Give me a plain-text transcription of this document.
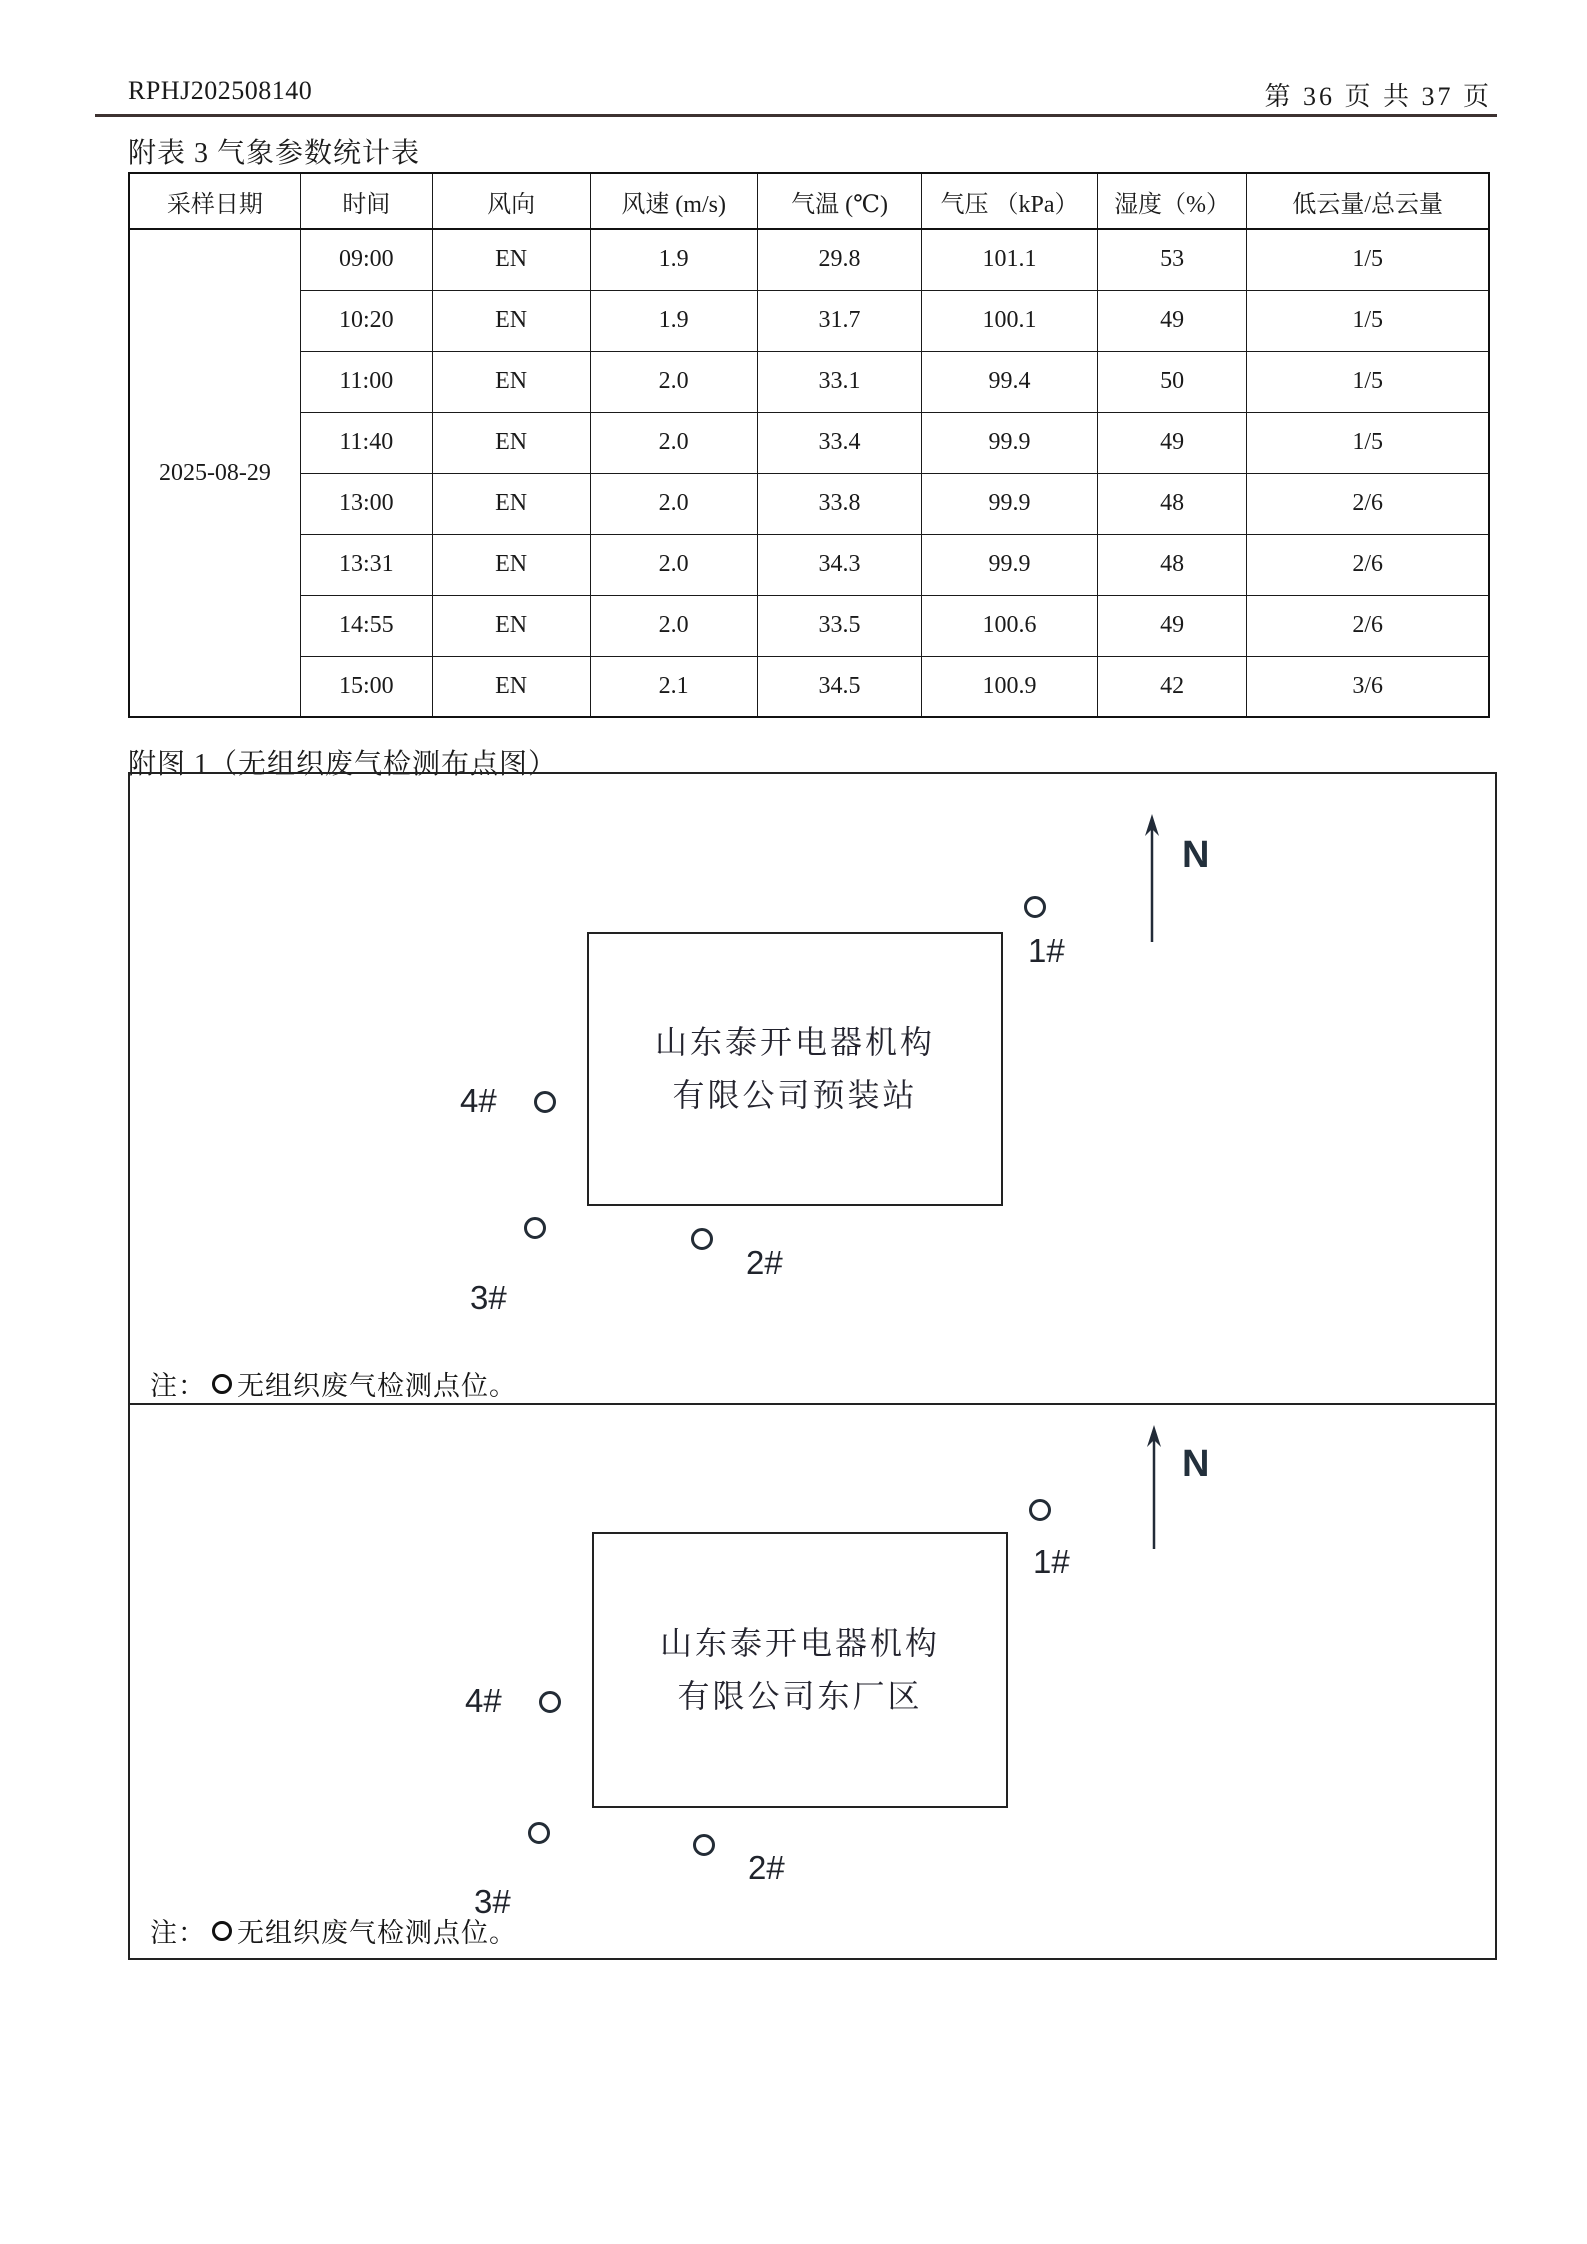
RPHJ202508140	第 36 页 共 37 页
附表 3 气象参数统计表
采样日期	时间	风向	风速 (m/s)	气温 (℃)	气压 （kPa）	湿度（%）	低云量/总云量
2025-08-29	09:00	EN	1.9	29.8	101.1	53	1/5
	10:20	EN	1.9	31.7	100.1	49	1/5
	11:00	EN	2.0	33.1	99.4	50	1/5
	11:40	EN	2.0	33.4	99.9	49	1/5
	13:00	EN	2.0	33.8	99.9	48	2/6
	13:31	EN	2.0	34.3	99.9	48	2/6
	14:55	EN	2.0	33.5	100.6	49	2/6
	15:00	EN	2.1	34.5	100.9	42	3/6
附图 1（无组织废气检测布点图）
N
1#
山东泰开电器机构
有限公司预装站
4#
3#
2#
注： 无组织废气检测点位。
N
1#
山东泰开电器机构
有限公司东厂区
4#
3#
2#
注： 无组织废气检测点位。
